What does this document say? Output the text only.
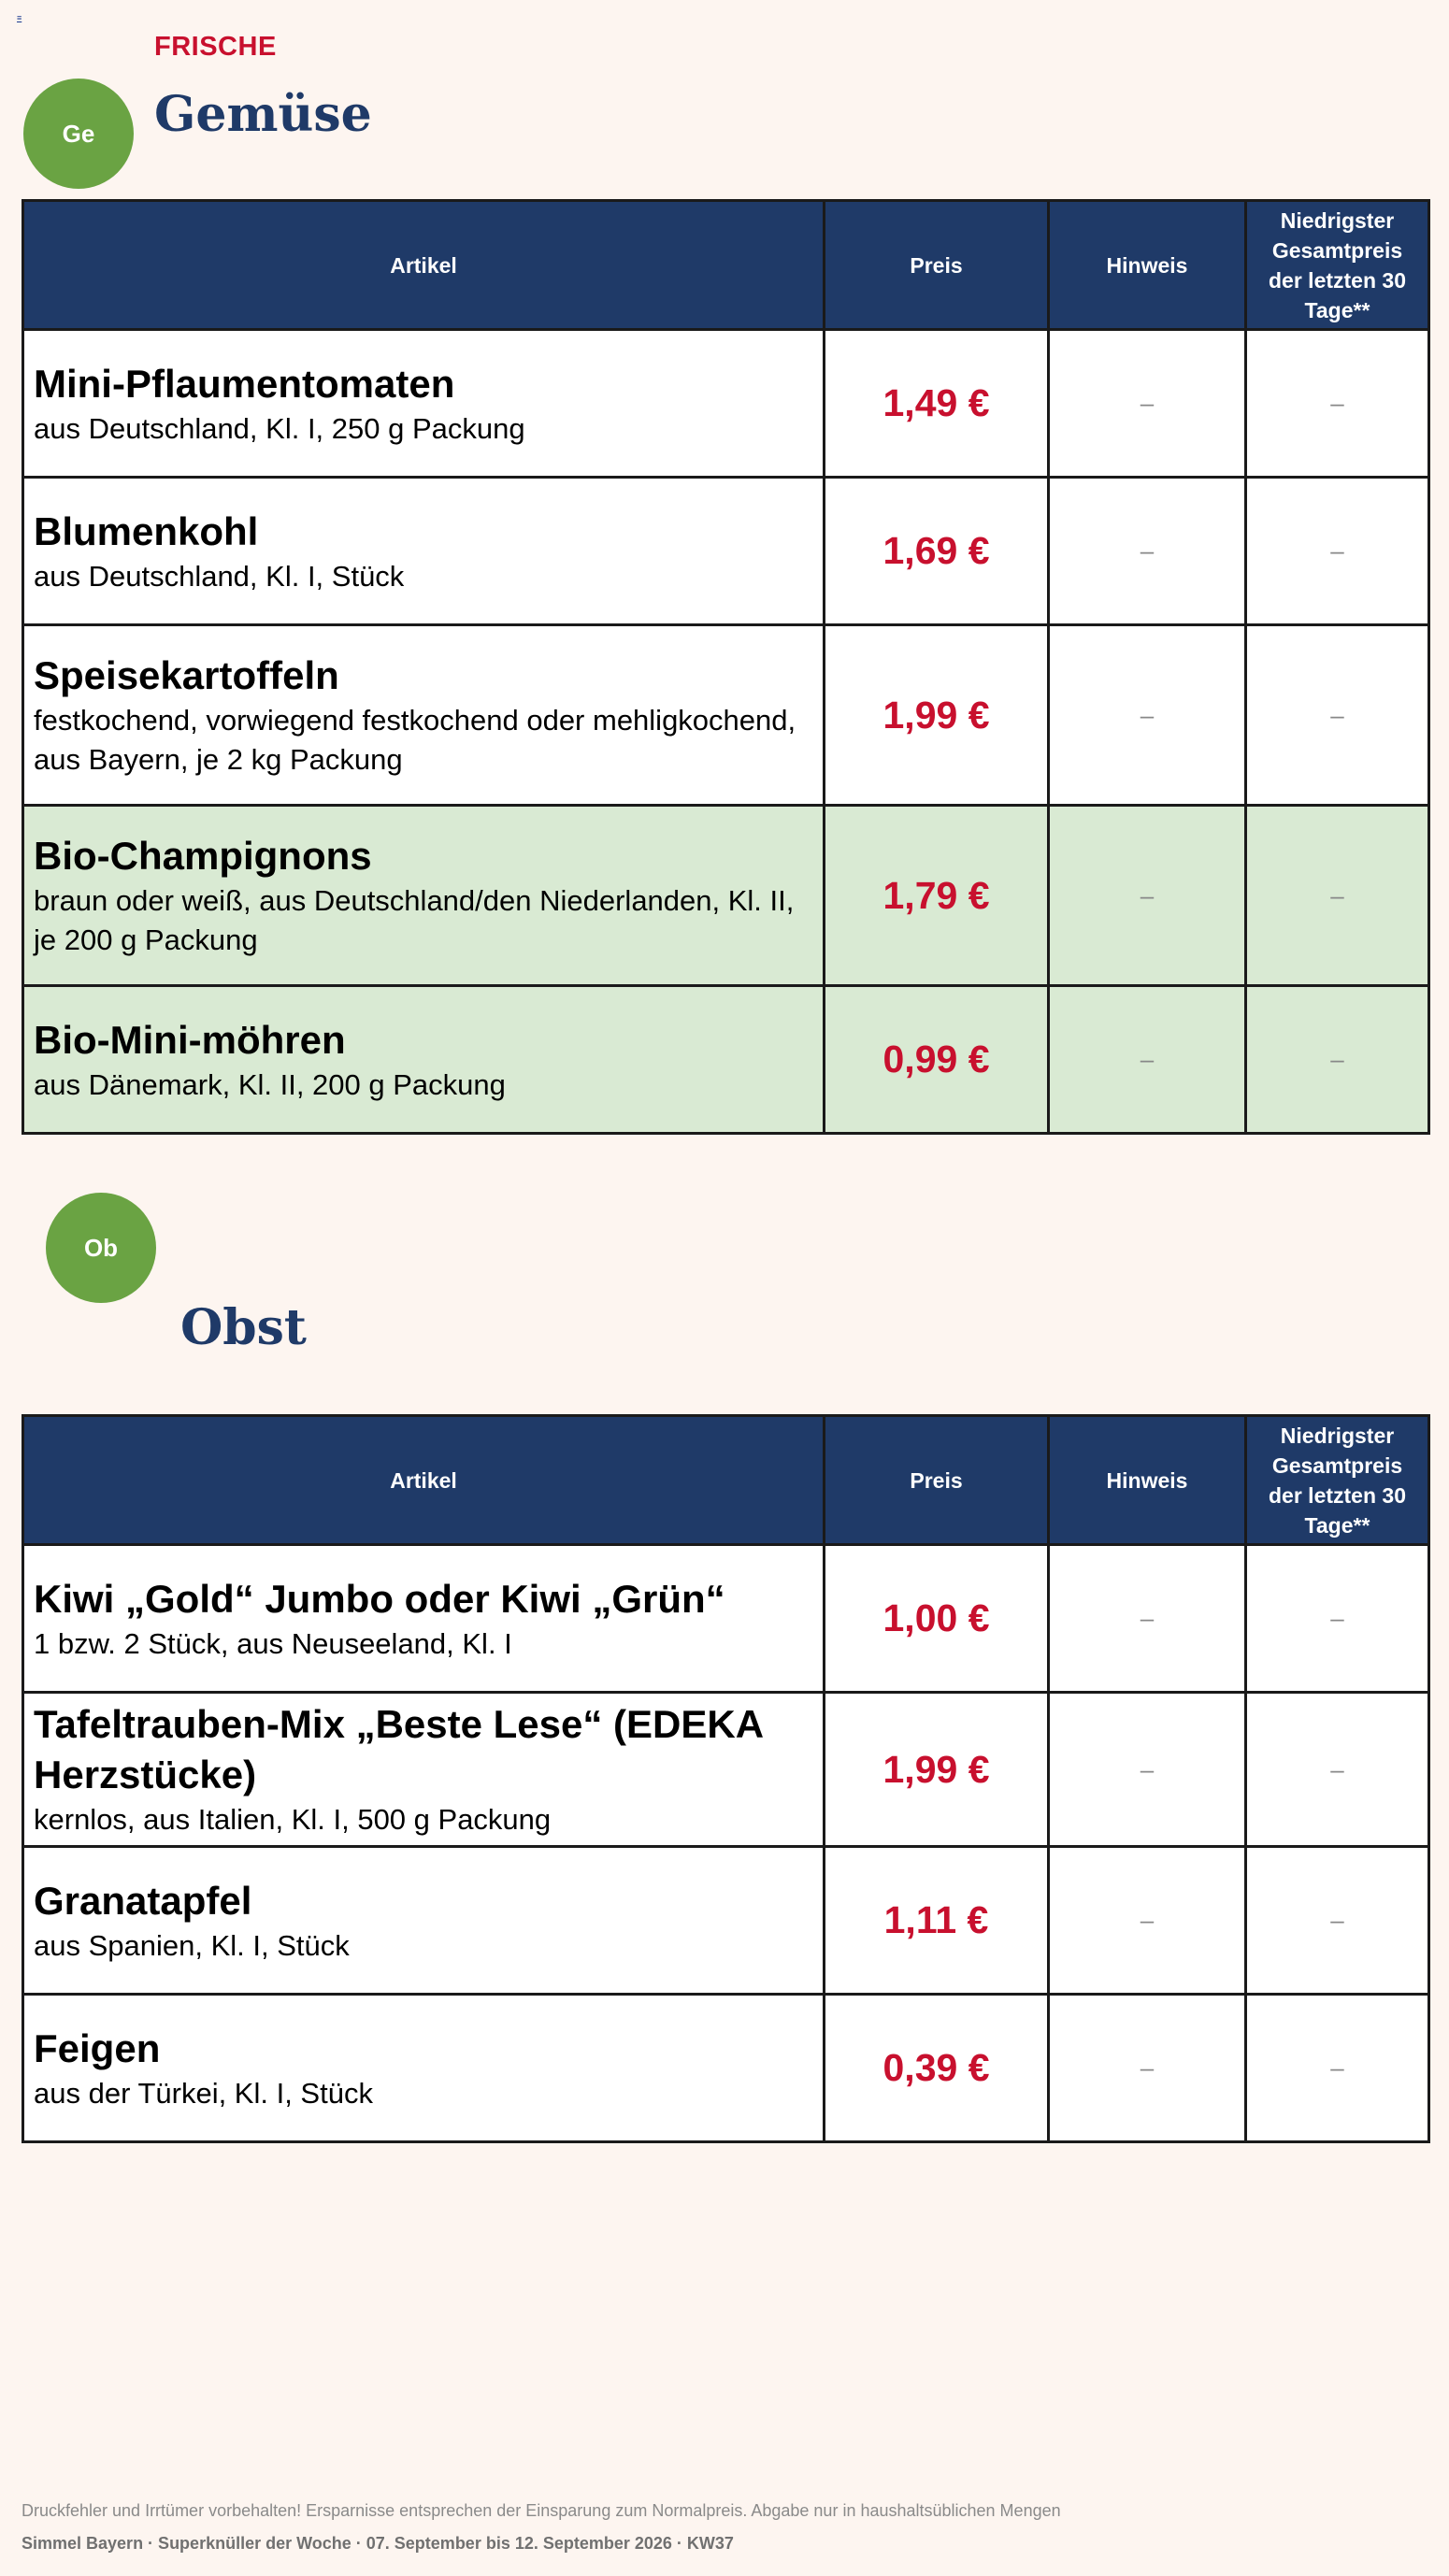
≡
FRISCHE
Ge	Gemüse
Artikel	Preis	Hinweis	Niedrigster Gesamtpreis der letzten 30 Tage**

Mini-Pflaumentomaten
aus Deutschland, Kl. I, 250 g Packung	1,49 €	–	–

Blumenkohl
aus Deutschland, Kl. I, Stück	1,69 €	–	–

Speisekartoffeln
festkochend, vorwiegend festkochend oder mehligkochend, aus Bayern, je 2 kg Packung	1,99 €	–	–

Bio-Champignons
braun oder weiß, aus Deutschland/den Niederlanden, Kl. II, je 200 g Packung	1,79 €	–	–

Bio-Mini-möhren
aus Dänemark, Kl. II, 200 g Packung	0,99 €	–	–
Ob
Obst
Artikel	Preis	Hinweis	Niedrigster Gesamtpreis der letzten 30 Tage**

Kiwi „Gold“ Jumbo oder Kiwi „Grün“
1 bzw. 2 Stück, aus Neuseeland, Kl. I	1,00 €	–	–

Tafeltrauben-Mix „Beste Lese“ (EDEKA Herzstücke)
kernlos, aus Italien, Kl. I, 500 g Packung	1,99 €	–	–

Granatapfel
aus Spanien, Kl. I, Stück	1,11 €	–	–

Feigen
aus der Türkei, Kl. I, Stück	0,39 €	–	–
Druckfehler und Irrtümer vorbehalten! Ersparnisse entsprechen der Einsparung zum Normalpreis. Abgabe nur in haushaltsüblichen Mengen
Simmel Bayern · Superknüller der Woche · 07. September bis 12. September 2026 · KW37
